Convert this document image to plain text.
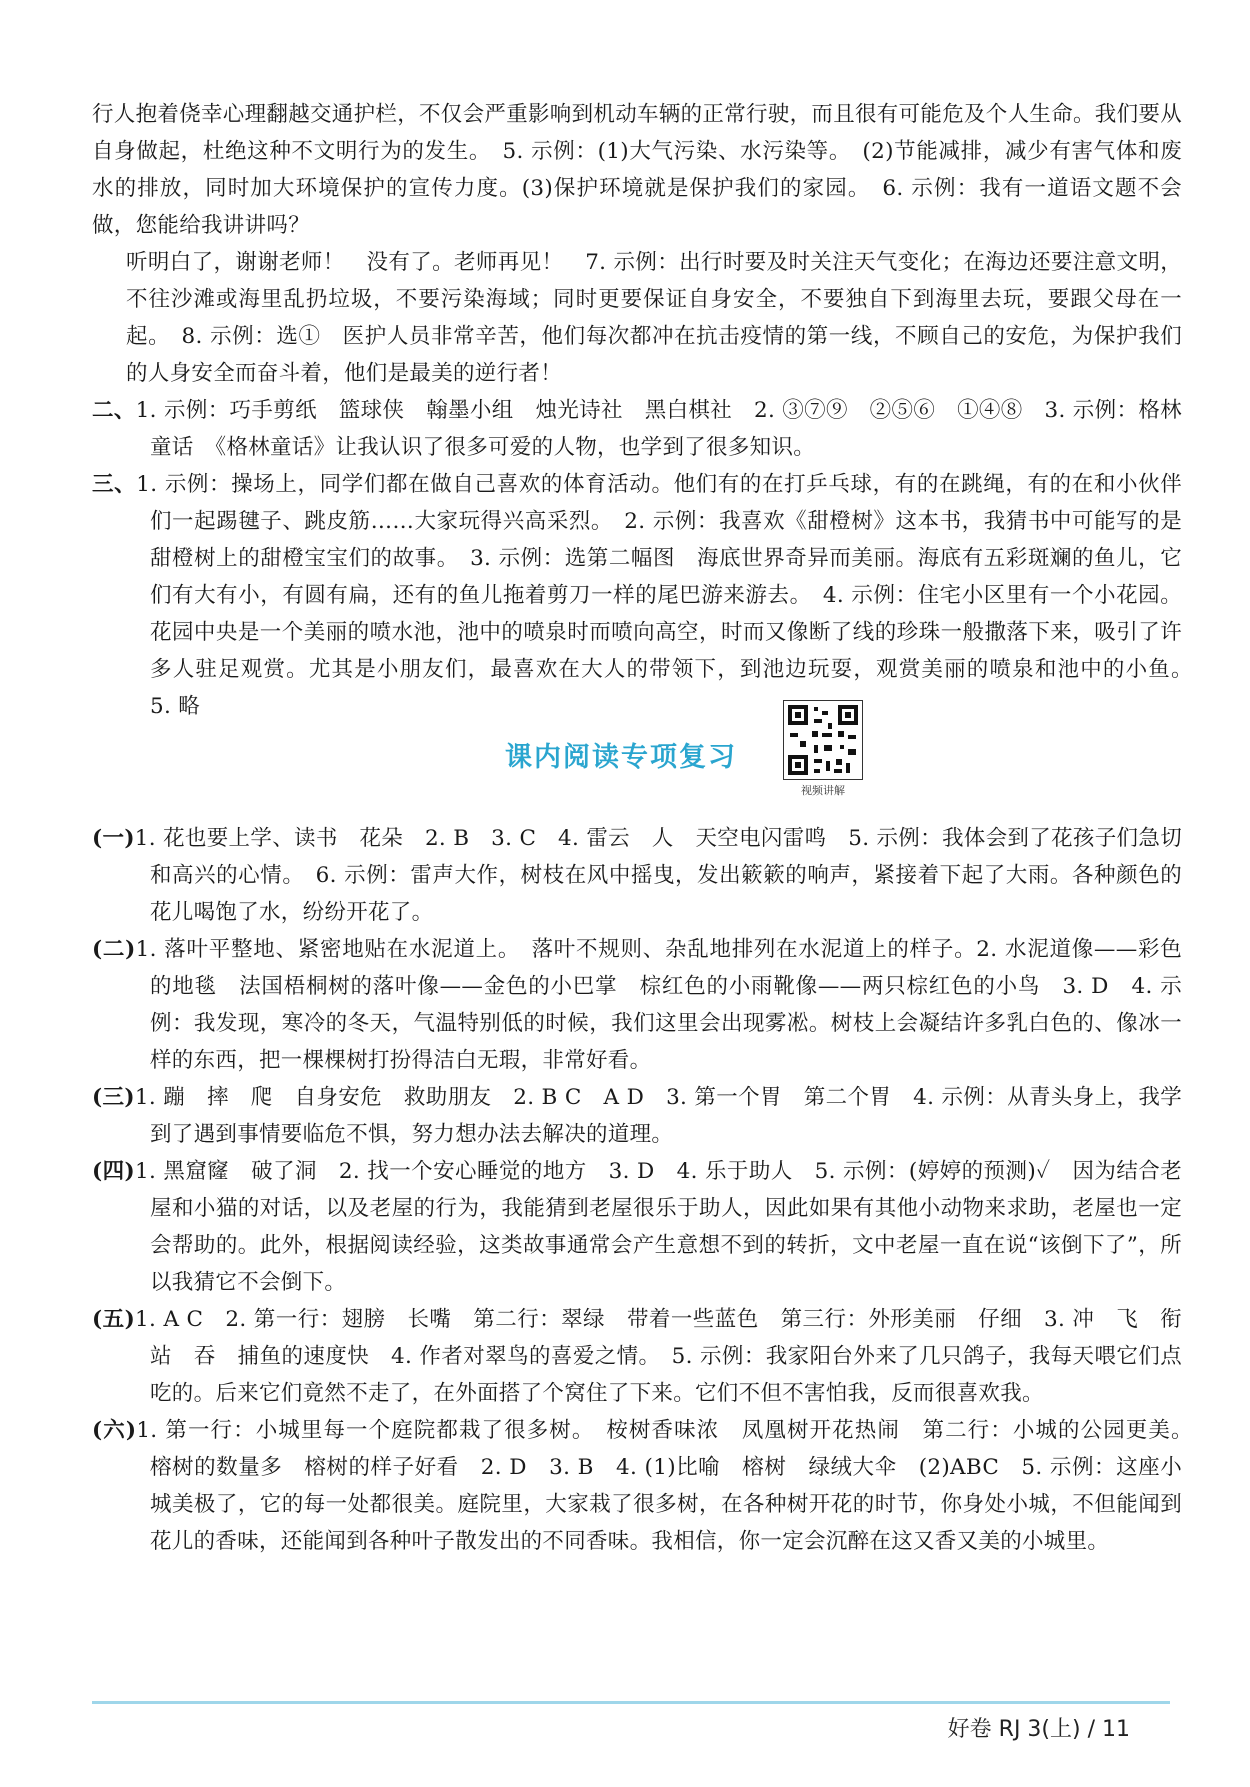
行人抱着侥幸心理翻越交通护栏，不仅会严重影响到机动车辆的正常行驶，而且很有可能危及个人生命。我们要从自身做起，杜绝这种不文明行为的发生。　5. 示例：(1)大气污染、水污染等。　(2)节能减排，减少有害气体和废水的排放，同时加大环境保护的宣传力度。(3)保护环境就是保护我们的家园。　6. 示例：我有一道语文题不会做，您能给我讲讲吗？

听明白了，谢谢老师！　没有了。老师再见！　7. 示例：出行时要及时关注天气变化；在海边还要注意文明，不往沙滩或海里乱扔垃圾，不要污染海域；同时更要保证自身安全，不要独自下到海里去玩，要跟父母在一起。　8. 示例：选①　医护人员非常辛苦，他们每次都冲在抗击疫情的第一线，不顾自己的安危，为保护我们的人身安全而奋斗着，他们是最美的逆行者！

二、1. 示例：巧手剪纸　篮球侠　翰墨小组　烛光诗社　黑白棋社　2. ③⑦⑨　②⑤⑥　①④⑧　3. 示例：格林童话　《格林童话》让我认识了很多可爱的人物，也学到了很多知识。

三、1. 示例：操场上，同学们都在做自己喜欢的体育活动。他们有的在打乒乓球，有的在跳绳，有的在和小伙伴们一起踢毽子、跳皮筋……大家玩得兴高采烈。　2. 示例：我喜欢《甜橙树》这本书，我猜书中可能写的是甜橙树上的甜橙宝宝们的故事。　3. 示例：选第二幅图　海底世界奇异而美丽。海底有五彩斑斓的鱼儿，它们有大有小，有圆有扁，还有的鱼儿拖着剪刀一样的尾巴游来游去。　4. 示例：住宅小区里有一个小花园。花园中央是一个美丽的喷水池，池中的喷泉时而喷向高空，时而又像断了线的珍珠一般撒落下来，吸引了许多人驻足观赏。尤其是小朋友们，最喜欢在大人的带领下，到池边玩耍，观赏美丽的喷泉和池中的小鱼。　5. 略

课内阅读专项复习
视频讲解

(一)1. 花也要上学、读书　花朵　2. B　3. C　4. 雷云　人　天空电闪雷鸣　5. 示例：我体会到了花孩子们急切和高兴的心情。　6. 示例：雷声大作，树枝在风中摇曳，发出簌簌的响声，紧接着下起了大雨。各种颜色的花儿喝饱了水，纷纷开花了。

(二)1. 落叶平整地、紧密地贴在水泥道上。　落叶不规则、杂乱地排列在水泥道上的样子。2. 水泥道像——彩色的地毯　法国梧桐树的落叶像——金色的小巴掌　棕红色的小雨靴像——两只棕红色的小鸟　3. D　4. 示例：我发现，寒冷的冬天，气温特别低的时候，我们这里会出现雾凇。树枝上会凝结许多乳白色的、像冰一样的东西，把一棵棵树打扮得洁白无瑕，非常好看。

(三)1. 蹦　摔　爬　自身安危　救助朋友　2. B C　A D　3. 第一个胃　第二个胃　4. 示例：从青头身上，我学到了遇到事情要临危不惧，努力想办法去解决的道理。

(四)1. 黑窟窿　破了洞　2. 找一个安心睡觉的地方　3. D　4. 乐于助人　5. 示例：(婷婷的预测)✓　因为结合老屋和小猫的对话，以及老屋的行为，我能猜到老屋很乐于助人，因此如果有其他小动物来求助，老屋也一定会帮助的。此外，根据阅读经验，这类故事通常会产生意想不到的转折，文中老屋一直在说“该倒下了”，所以我猜它不会倒下。

(五)1. A C　2. 第一行：翅膀　长嘴　第二行：翠绿　带着一些蓝色　第三行：外形美丽　仔细　3. 冲　飞　衔　站　吞　捕鱼的速度快　4. 作者对翠鸟的喜爱之情。　5. 示例：我家阳台外来了几只鸽子，我每天喂它们点吃的。后来它们竟然不走了，在外面搭了个窝住了下来。它们不但不害怕我，反而很喜欢我。

(六)1. 第一行：小城里每一个庭院都栽了很多树。　桉树香味浓　凤凰树开花热闹　第二行：小城的公园更美。　榕树的数量多　榕树的样子好看　2. D　3. B　4. (1)比喻　榕树　绿绒大伞　(2)ABC　5. 示例：这座小城美极了，它的每一处都很美。庭院里，大家栽了很多树，在各种树开花的时节，你身处小城，不但能闻到花儿的香味，还能闻到各种叶子散发出的不同香味。我相信，你一定会沉醉在这又香又美的小城里。

好卷 RJ 3(上) / 11
